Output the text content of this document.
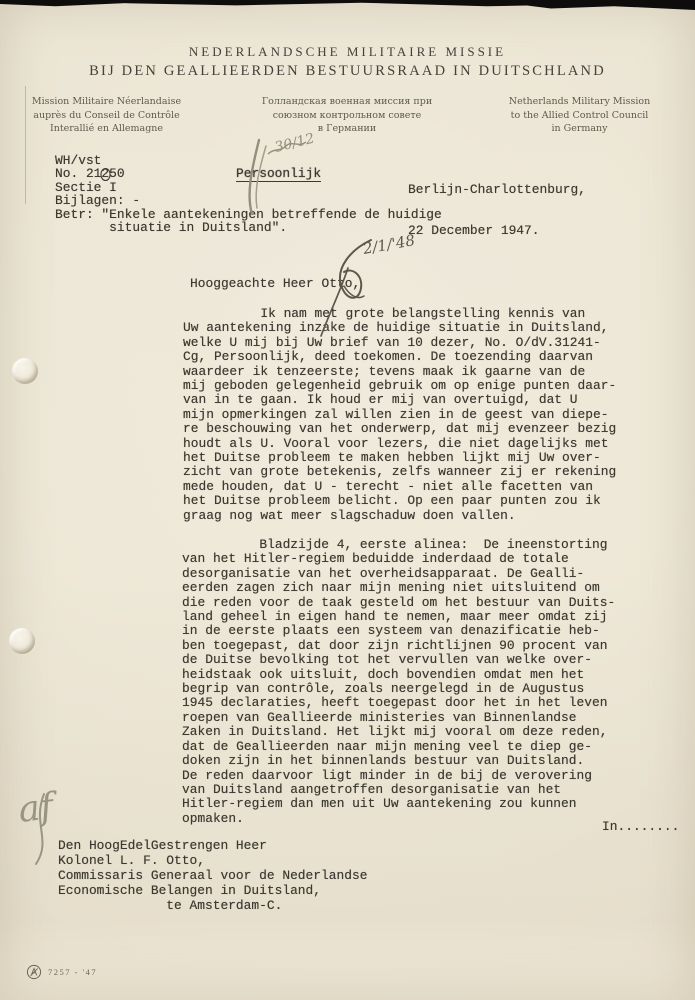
NEDERLANDSCHE MILITAIRE MISSIE
BIJ DEN GEALLIEERDEN BESTUURSRAAD IN DUITSCHLAND
Mission Militaire Néerlandaise
auprès du Conseil de Contrôle
Interallié en Allemagne
Голландская военная миссия при
союзном контрольном совете
в Германии
Netherlands Military Mission
to the Allied Control Council
in Germany
WH/vst
No. 21250
Sectie I
Bijlagen: -
Betr: "Enkele aantekeningen betreffende de huidige
situatie in Duitsland".
Persoonlijk

Berlijn-Charlottenburg,

22 December 1947.

Hooggeachte Heer Otto,
Ik nam met grote belangstelling kennis van
Uw aantekening inzake de huidige situatie in Duitsland,
welke U mij bij Uw brief van 10 dezer, No. O/dV.31241-
Cg, Persoonlijk, deed toekomen. De toezending daarvan
waardeer ik tenzeerste; tevens maak ik gaarne van de
mij geboden gelegenheid gebruik om op enige punten daar-
van in te gaan. Ik houd er mij van overtuigd, dat U
mijn opmerkingen zal willen zien in de geest van diepe-
re beschouwing van het onderwerp, dat mij evenzeer bezig
houdt als U. Vooral voor lezers, die niet dagelijks met
het Duitse probleem te maken hebben lijkt mij Uw over-
zicht van grote betekenis, zelfs wanneer zij er rekening
mede houden, dat U - terecht - niet alle facetten van
het Duitse probleem belicht. Op een paar punten zou ik
graag nog wat meer slagschaduw doen vallen.
Bladzijde 4, eerste alinea:  De ineenstorting
van het Hitler-regiem beduidde inderdaad de totale
desorganisatie van het overheidsapparaat. De Gealli-
eerden zagen zich naar mijn mening niet uitsluitend om
die reden voor de taak gesteld om het bestuur van Duits-
land geheel in eigen hand te nemen, maar meer omdat zij
in de eerste plaats een systeem van denazificatie heb-
ben toegepast, dat door zijn richtlijnen 90 procent van
de Duitse bevolking tot het vervullen van welke over-
heidstaak ook uitsluit, doch bovendien omdat men het
begrip van contrôle, zoals neergelegd in de Augustus
1945 declaraties, heeft toegepast door het in het leven
roepen van Geallieerde ministeries van Binnenlandse
Zaken in Duitsland. Het lijkt mij vooral om deze reden,
dat de Geallieerden naar mijn mening veel te diep ge-
doken zijn in het binnenlands bestuur van Duitsland.
De reden daarvoor ligt minder in de bij de verovering
van Duitsland aangetroffen desorganisatie van het
Hitler-regiem dan men uit Uw aantekening zou kunnen
opmaken.
In........
Den HoogEdelGestrengen Heer
Kolonel L. F. Otto,
Commissaris Generaal voor de Nederlandse
Economische Belangen in Duitsland,
te Amsterdam-C.
7257 - '47
30/12
2/1/'48
af
